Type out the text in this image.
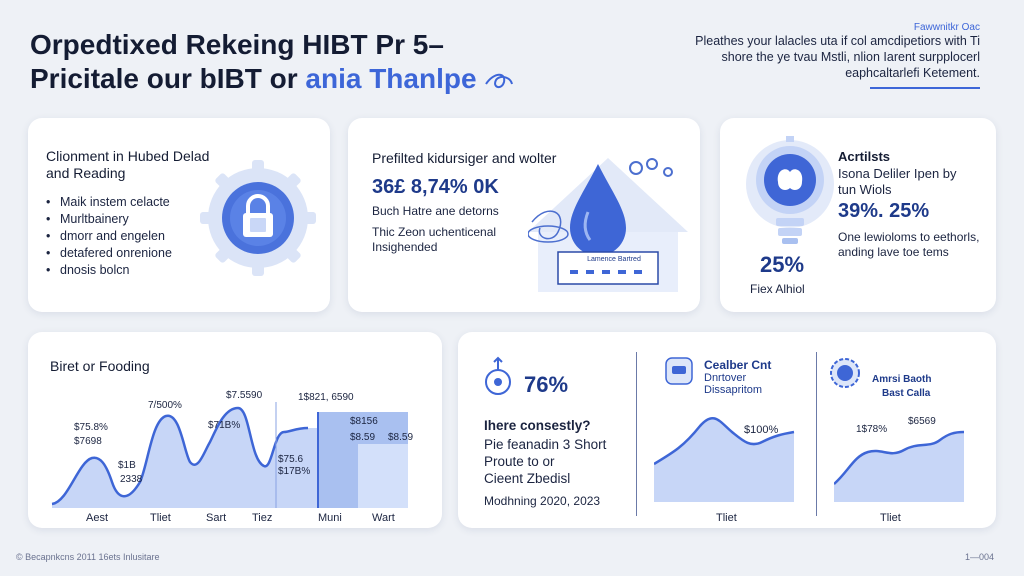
Orpedtixed Rekeing HIBT Pr 5–
Pricitale our bIBT or ania Thanlpe
Fawwnitkr Oac
Pleathes your lalacles uta if col amcdipetiors with Ti shore the ye tvau Mstli, nlion Iarent surpplocerl eaphcaltarlefi Ketement.
Clionment in Hubed Delad and Reading
• Maik instem celacte
• Murltbainery
• dmorr and engelen
• detafered onrenione
• dnosis bolcn
Prefilted kidursiger and wolter
36£ 8,74% 0K
Buch Hatre ane detorns
Thic Zeon uchenticenal
Insighended
Lamence Bartred
Acrtilsts
Isona Deliler Ipen by tun Wiols
39%. 25%
One lewioloms to eethorls, anding lave toe tems
25%
Fiex Alhiol
Biret or Fooding
$75.8%
$7698
$1B
2338
7/500%
$71B%
$7.5590
$75.6
$17B%
1$821, 6590
$8156
$8.59 $8.59
Aest	Tliet	Sart Tiez	Muni	Wart
76%
Ihere consestly?
Pie feanadin 3 Short
Proute to or
Cieent Zbedisl
Modhning 2020, 2023
Cealber Cnt
Dnrtover Dissapritom
$100%
Tliet
Amrsi Baoth
Bast Calla
1$78%
$6569
Tliet
© Becapnkcns 2011 16ets Inlusitare	1—004
